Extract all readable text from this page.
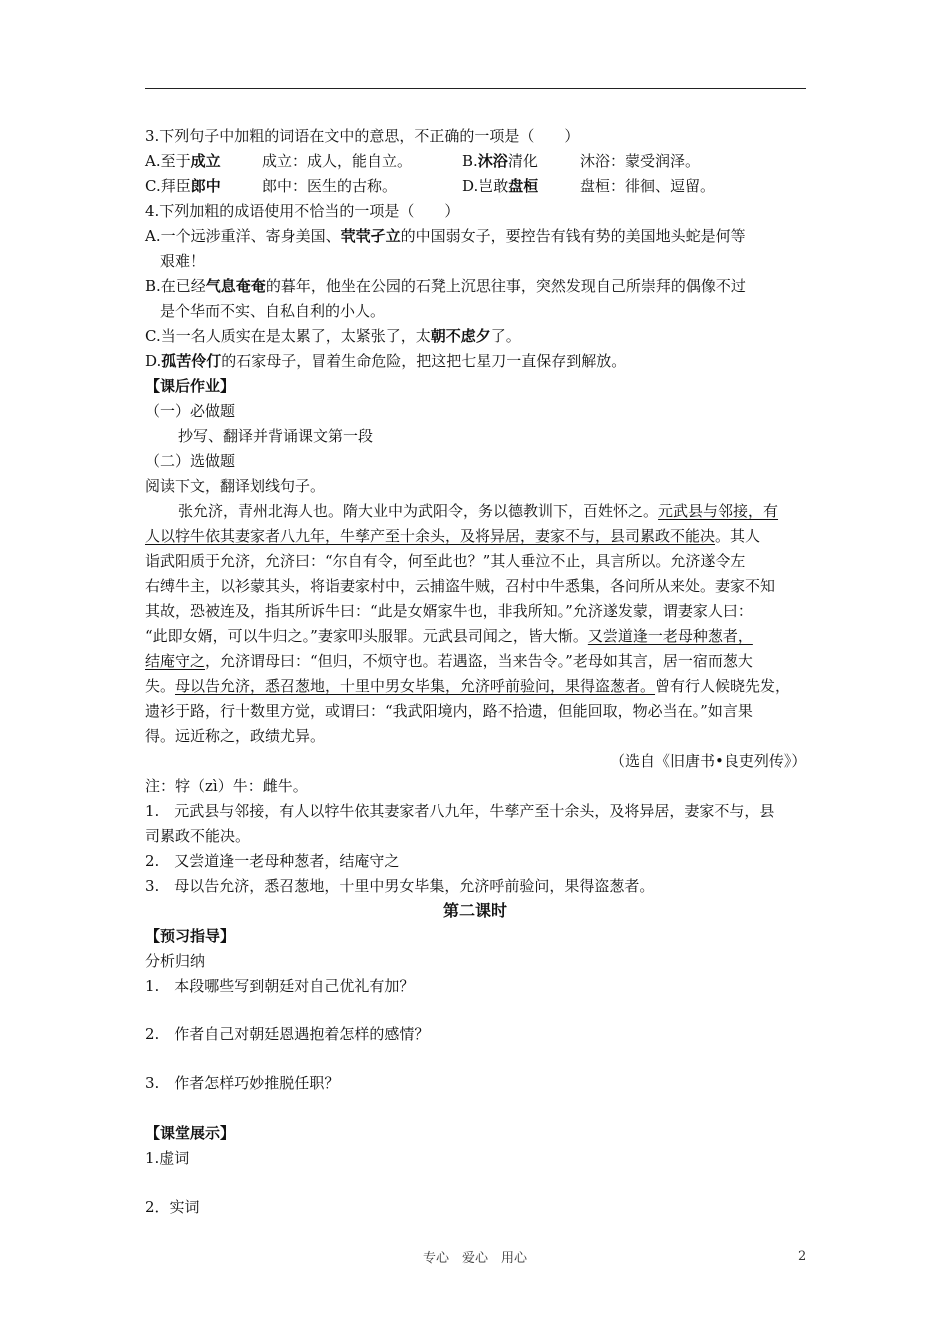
3.下列句子中加粗的词语在文中的意思，不正确的一项是（　　）
A.至于成立	成立：成人，能自立。	B.沐浴清化	沐浴：蒙受润泽。
C.拜臣郎中	郎中：医生的古称。	D.岂敢盘桓	盘桓：徘徊、逗留。
4.下列加粗的成语使用不恰当的一项是（　　）
A.一个远涉重洋、寄身美国、茕茕孑立的中国弱女子，要控告有钱有势的美国地头蛇是何等
艰难！
B.在已经气息奄奄的暮年，他坐在公园的石凳上沉思往事，突然发现自己所崇拜的偶像不过
是个华而不实、自私自利的小人。
C.当一名人质实在是太累了，太紧张了，太朝不虑夕了。
D.孤苦伶仃的石家母子，冒着生命危险，把这把七星刀一直保存到解放。
【课后作业】
（一）必做题
抄写、翻译并背诵课文第一段
（二）选做题
阅读下文，翻译划线句子。
张允济，青州北海人也。隋大业中为武阳令，务以德教训下，百姓怀之。元武县与邻接，有
人以牸牛依其妻家者八九年，牛孳产至十余头，及将异居，妻家不与，县司累政不能决。其人
诣武阳质于允济，允济曰：“尔自有令，何至此也？”其人垂泣不止，具言所以。允济遂令左
右缚牛主，以衫蒙其头，将诣妻家村中，云捕盗牛贼，召村中牛悉集，各问所从来处。妻家不知
其故，恐被连及，指其所诉牛曰：“此是女婿家牛也，非我所知。”允济遂发蒙，谓妻家人曰：
“此即女婿，可以牛归之。”妻家叩头服罪。元武县司闻之，皆大惭。又尝道逢一老母种葱者，
结庵守之，允济谓母曰：“但归，不烦守也。若遇盗，当来告令。”老母如其言，居一宿而葱大
失。母以告允济，悉召葱地，十里中男女毕集，允济呼前验问，果得盗葱者。曾有行人候晓先发，
遗衫于路，行十数里方觉，或谓曰：“我武阳境内，路不拾遗，但能回取，物必当在。”如言果
得。远近称之，政绩尤异。
（选自《旧唐书•良吏列传》）
注：牸（zì）牛：雌牛。
1.　元武县与邻接，有人以牸牛依其妻家者八九年，牛孳产至十余头，及将异居，妻家不与，县
司累政不能决。
2.　又尝道逢一老母种葱者，结庵守之
3.　母以告允济，悉召葱地，十里中男女毕集，允济呼前验问，果得盗葱者。
第二课时
【预习指导】
分析归纳
1.　本段哪些写到朝廷对自己优礼有加？
2.　作者自己对朝廷恩遇抱着怎样的感情？
3.　作者怎样巧妙推脱任职？
【课堂展示】
1.虚词
2．实词
专心　爱心　用心	2
